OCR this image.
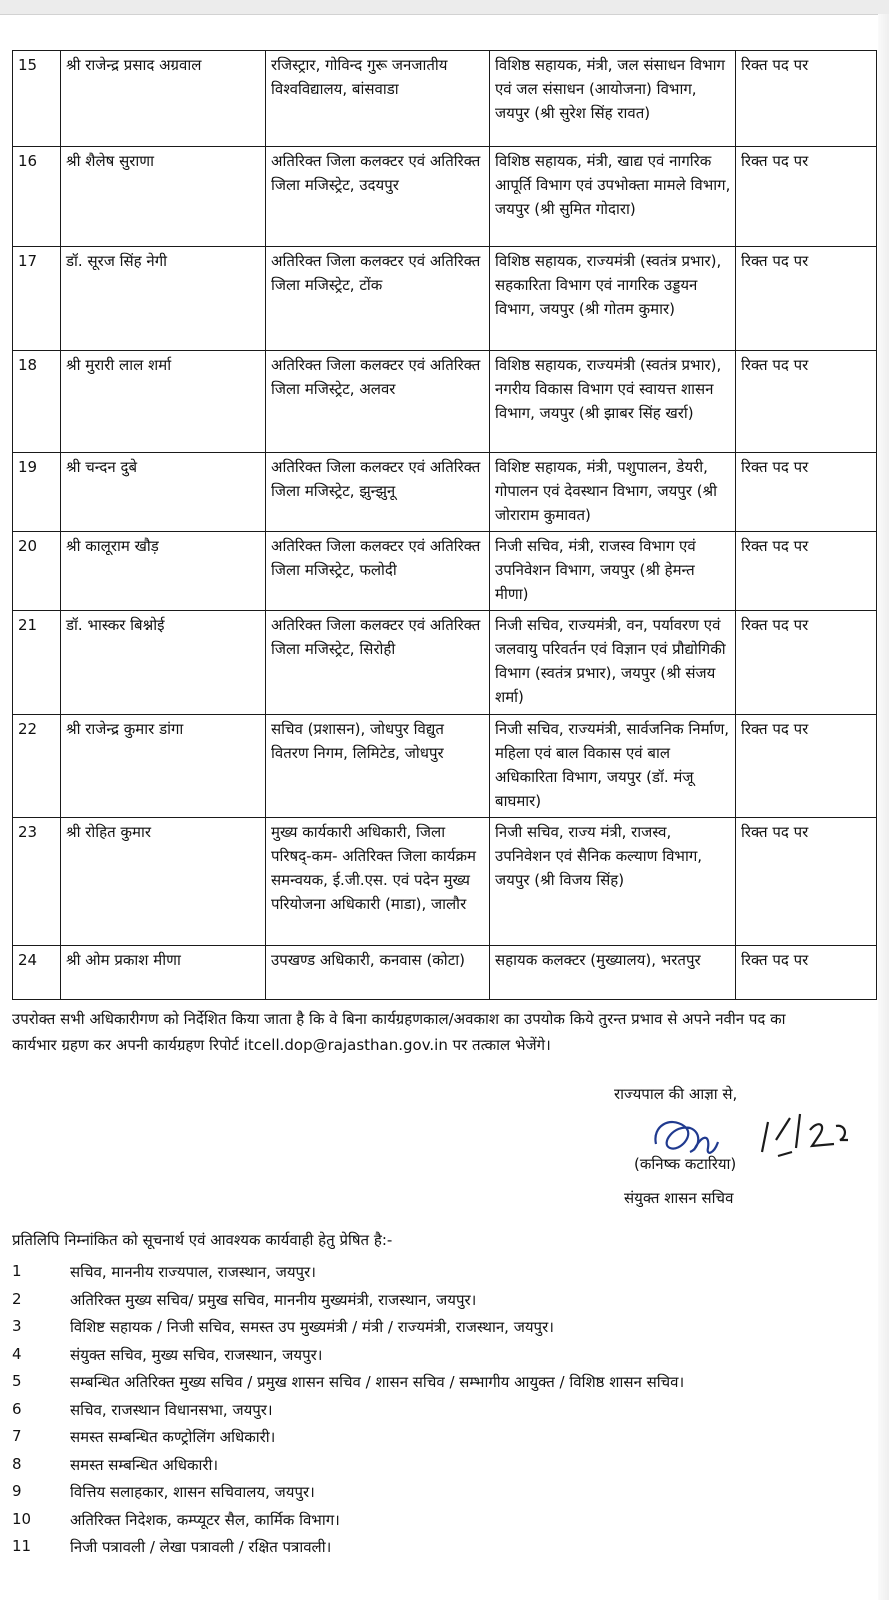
15	श्री राजेन्द्र प्रसाद अग्रवाल	रजिस्ट्रार, गोविन्द गुरू जनजातीय विश्वविद्यालय, बांसवाडा	विशिष्ठ सहायक, मंत्री, जल संसाधन विभाग एवं जल संसाधन (आयोजना) विभाग, जयपुर (श्री सुरेश सिंह रावत)	रिक्त पद पर
16	श्री शैलेष सुराणा	अतिरिक्त जिला कलक्टर एवं अतिरिक्त जिला मजिस्ट्रेट, उदयपुर	विशिष्ठ सहायक, मंत्री, खाद्य एवं नागरिक आपूर्ति विभाग एवं उपभोक्ता मामले विभाग, जयपुर (श्री सुमित गोदारा)	रिक्त पद पर
17	डॉ. सूरज सिंह नेगी	अतिरिक्त जिला कलक्टर एवं अतिरिक्त जिला मजिस्ट्रेट, टोंक	विशिष्ठ सहायक, राज्यमंत्री (स्वतंत्र प्रभार), सहकारिता विभाग एवं नागरिक उड्डयन विभाग, जयपुर (श्री गोतम कुमार)	रिक्त पद पर
18	श्री मुरारी लाल शर्मा	अतिरिक्त जिला कलक्टर एवं अतिरिक्त जिला मजिस्ट्रेट, अलवर	विशिष्ठ सहायक, राज्यमंत्री (स्वतंत्र प्रभार), नगरीय विकास विभाग एवं स्वायत्त शासन विभाग, जयपुर (श्री झाबर सिंह खर्रा)	रिक्त पद पर
19	श्री चन्दन दुबे	अतिरिक्त जिला कलक्टर एवं अतिरिक्त जिला मजिस्ट्रेट, झुन्झुनू	विशिष्ट सहायक, मंत्री, पशुपालन, डेयरी, गोपालन एवं देवस्थान विभाग, जयपुर (श्री जोराराम कुमावत)	रिक्त पद पर
20	श्री कालूराम खौड़	अतिरिक्त जिला कलक्टर एवं अतिरिक्त जिला मजिस्ट्रेट, फलोदी	निजी सचिव, मंत्री, राजस्व विभाग एवं उपनिवेशन विभाग, जयपुर (श्री हेमन्त मीणा)	रिक्त पद पर
21	डॉ. भास्कर बिश्नोई	अतिरिक्त जिला कलक्टर एवं अतिरिक्त जिला मजिस्ट्रेट, सिरोही	निजी सचिव, राज्यमंत्री, वन, पर्यावरण एवं जलवायु परिवर्तन एवं विज्ञान एवं प्रौद्योगिकी विभाग (स्वतंत्र प्रभार), जयपुर (श्री संजय शर्मा)	रिक्त पद पर
22	श्री राजेन्द्र कुमार डांगा	सचिव (प्रशासन), जोधपुर विद्युत वितरण निगम, लिमिटेड, जोधपुर	निजी सचिव, राज्यमंत्री, सार्वजनिक निर्माण, महिला एवं बाल विकास एवं बाल अधिकारिता विभाग, जयपुर (डॉ. मंजू बाघमार)	रिक्त पद पर
23	श्री रोहित कुमार	मुख्य कार्यकारी अधिकारी, जिला परिषद्-कम- अतिरिक्त जिला कार्यक्रम समन्वयक, ई.जी.एस. एवं पदेन मुख्य परियोजना अधिकारी (माडा), जालौर	निजी सचिव, राज्य मंत्री, राजस्व, उपनिवेशन एवं सैनिक कल्याण विभाग, जयपुर (श्री विजय सिंह)	रिक्त पद पर
24	श्री ओम प्रकाश मीणा	उपखण्ड अधिकारी, कनवास (कोटा)	सहायक कलक्टर (मुख्यालय), भरतपुर	रिक्त पद पर
उपरोक्त सभी अधिकारीगण को निर्देशित किया जाता है कि वे बिना कार्यग्रहणकाल/अवकाश का उपयोक किये तुरन्त प्रभाव से अपने नवीन पद का
कार्यभार ग्रहण कर अपनी कार्यग्रहण रिपोर्ट itcell.dop@rajasthan.gov.in पर तत्काल भेजेंगे।
राज्यपाल की आज्ञा से,
(कनिष्क कटारिया)
संयुक्त शासन सचिव
प्रतिलिपि निम्नांकित को सूचनार्थ एवं आवश्यक कार्यवाही हेतु प्रेषित है:-
1	सचिव, माननीय राज्यपाल, राजस्थान, जयपुर।
2	अतिरिक्त मुख्य सचिव/ प्रमुख सचिव, माननीय मुख्यमंत्री, राजस्थान, जयपुर।
3	विशिष्ट सहायक / निजी सचिव, समस्त उप मुख्यमंत्री / मंत्री / राज्यमंत्री, राजस्थान, जयपुर।
4	संयुक्त सचिव, मुख्य सचिव, राजस्थान, जयपुर।
5	सम्बन्धित अतिरिक्त मुख्य सचिव / प्रमुख शासन सचिव / शासन सचिव / सम्भागीय आयुक्त / विशिष्ठ शासन सचिव।
6	सचिव, राजस्थान विधानसभा, जयपुर।
7	समस्त सम्बन्धित कण्ट्रोलिंग अधिकारी।
8	समस्त सम्बन्धित अधिकारी।
9	वित्तिय सलाहकार, शासन सचिवालय, जयपुर।
10	अतिरिक्त निदेशक, कम्प्यूटर सैल, कार्मिक विभाग।
11	निजी पत्रावली / लेखा पत्रावली / रक्षित पत्रावली।
